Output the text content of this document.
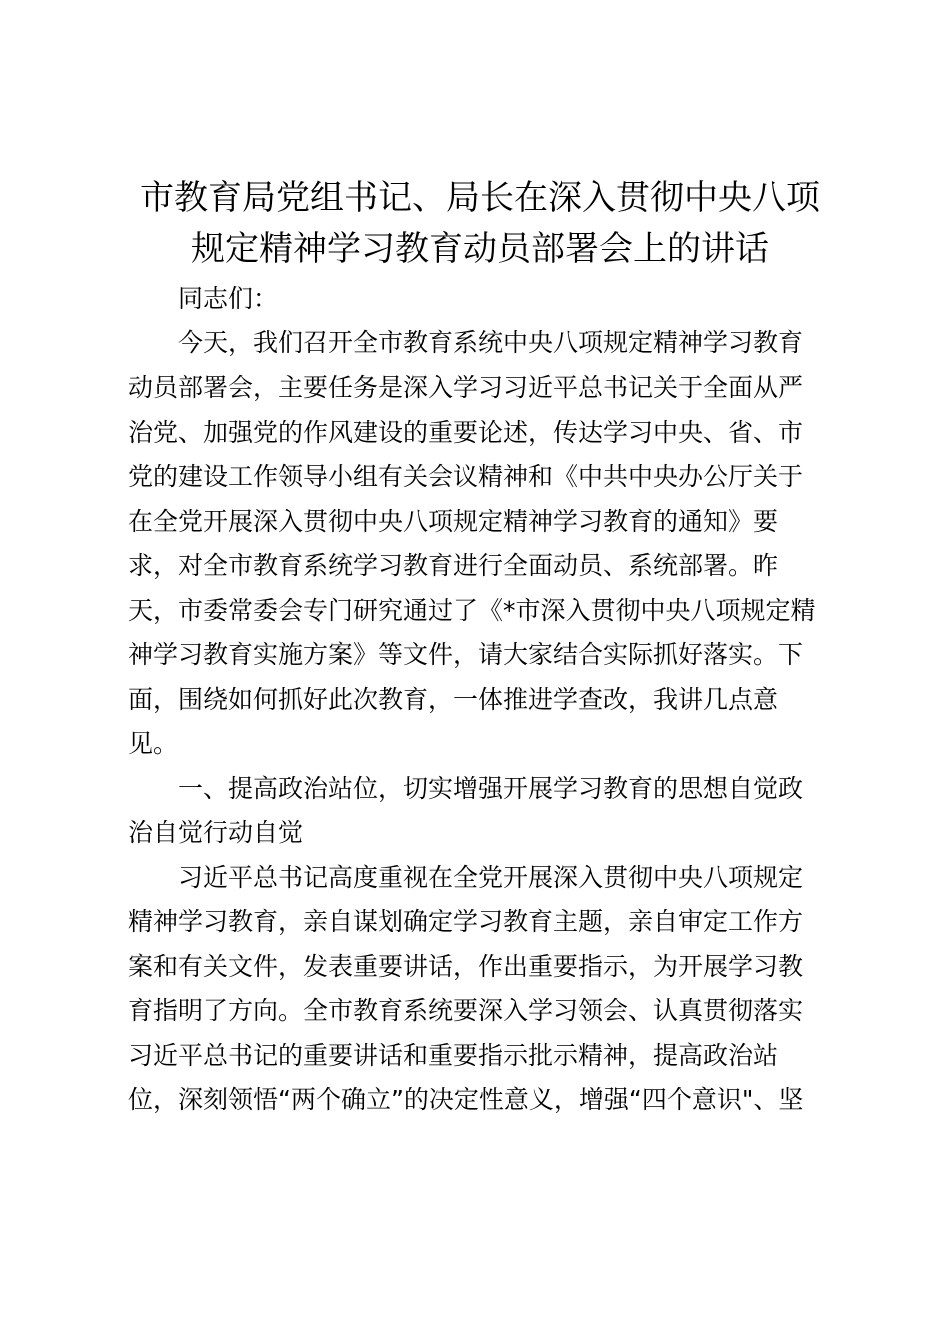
市教育局党组书记、局长在深入贯彻中央八项
规定精神学习教育动员部署会上的讲话
同志们：
今天，我们召开全市教育系统中央八项规定精神学习教育
动员部署会，主要任务是深入学习习近平总书记关于全面从严
治党、加强党的作风建设的重要论述，传达学习中央、省、市
党的建设工作领导小组有关会议精神和《中共中央办公厅关于
在全党开展深入贯彻中央八项规定精神学习教育的通知》要
求，对全市教育系统学习教育进行全面动员、系统部署。昨
天，市委常委会专门研究通过了《*市深入贯彻中央八项规定精
神学习教育实施方案》等文件，请大家结合实际抓好落实。下
面，围绕如何抓好此次教育，一体推进学查改，我讲几点意
见。
一、提高政治站位，切实增强开展学习教育的思想自觉政
治自觉行动自觉
习近平总书记高度重视在全党开展深入贯彻中央八项规定
精神学习教育，亲自谋划确定学习教育主题，亲自审定工作方
案和有关文件，发表重要讲话，作出重要指示，为开展学习教
育指明了方向。全市教育系统要深入学习领会、认真贯彻落实
习近平总书记的重要讲话和重要指示批示精神，提高政治站
位，深刻领悟“两个确立”的决定性意义，增强“四个意识"、坚
